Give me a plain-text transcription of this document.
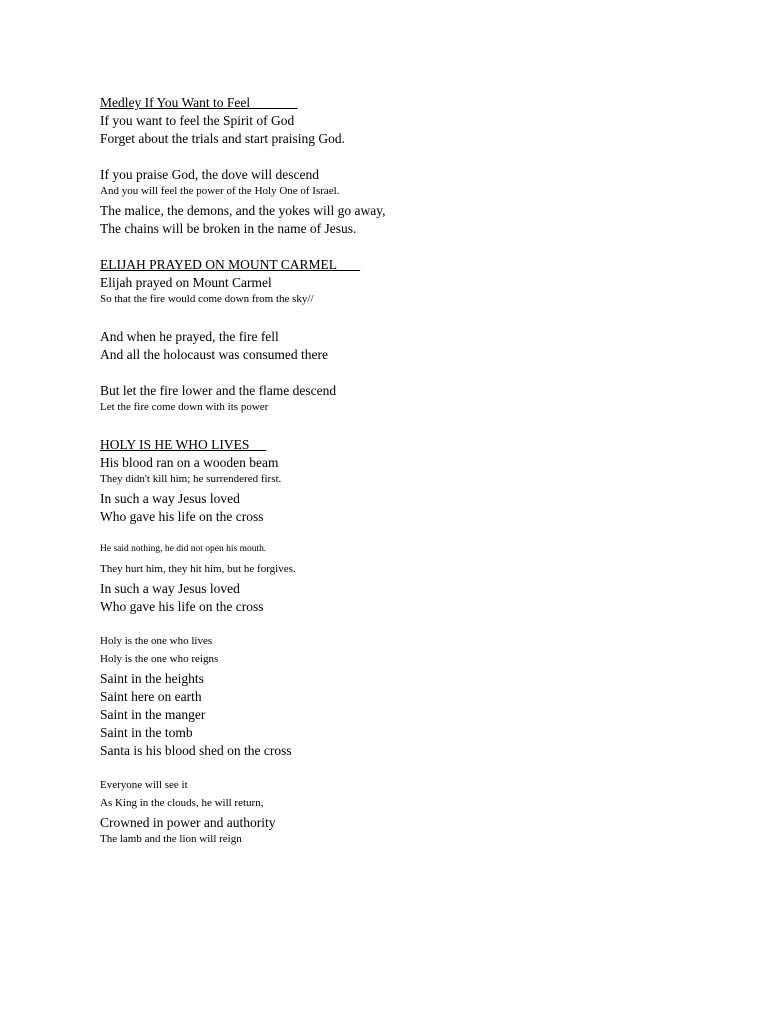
Medley If You Want to Feel
If you want to feel the Spirit of God
Forget about the trials and start praising God.
If you praise God, the dove will descend
And you will feel the power of the Holy One of Israel.
The malice, the demons, and the yokes will go away,
The chains will be broken in the name of Jesus.
ELIJAH PRAYED ON MOUNT CARMEL
Elijah prayed on Mount Carmel
So that the fire would come down from the sky//
And when he prayed, the fire fell
And all the holocaust was consumed there
But let the fire lower and the flame descend
Let the fire come down with its power
HOLY IS HE WHO LIVES
His blood ran on a wooden beam
They didn't kill him; he surrendered first.
In such a way Jesus loved
Who gave his life on the cross
He said nothing, he did not open his mouth.
They hurt him, they hit him, but he forgives.
In such a way Jesus loved
Who gave his life on the cross
Holy is the one who lives
Holy is the one who reigns
Saint in the heights
Saint here on earth
Saint in the manger
Saint in the tomb
Santa is his blood shed on the cross
Everyone will see it
As King in the clouds, he will return,
Crowned in power and authority
The lamb and the lion will reign
